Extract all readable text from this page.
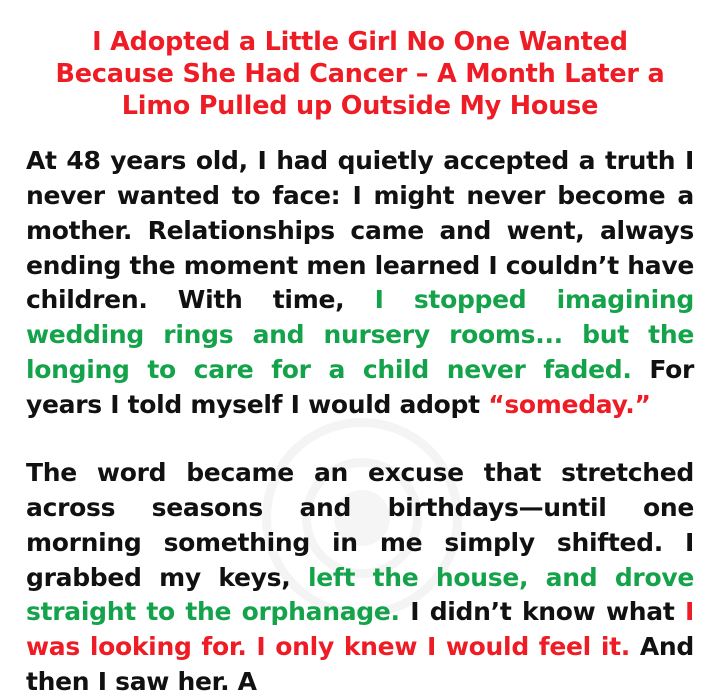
I Adopted a Little Girl No One Wanted Because She Had Cancer – A Month Later a Limo Pulled up Outside My House

At 48 years old, I had quietly accepted a truth I never wanted to face: I might never become a mother. Relationships came and went, always ending the moment men learned I couldn’t have children. With time, I stopped imagining wedding rings and nursery rooms... but the longing to care for a child never faded. For years I told myself I would adopt “someday.”

The word became an excuse that stretched across seasons and birthdays—until one morning something in me simply shifted. I grabbed my keys, left the house, and drove straight to the orphanage. I didn’t know what I was looking for. I only knew I would feel it. And then I saw her. A
